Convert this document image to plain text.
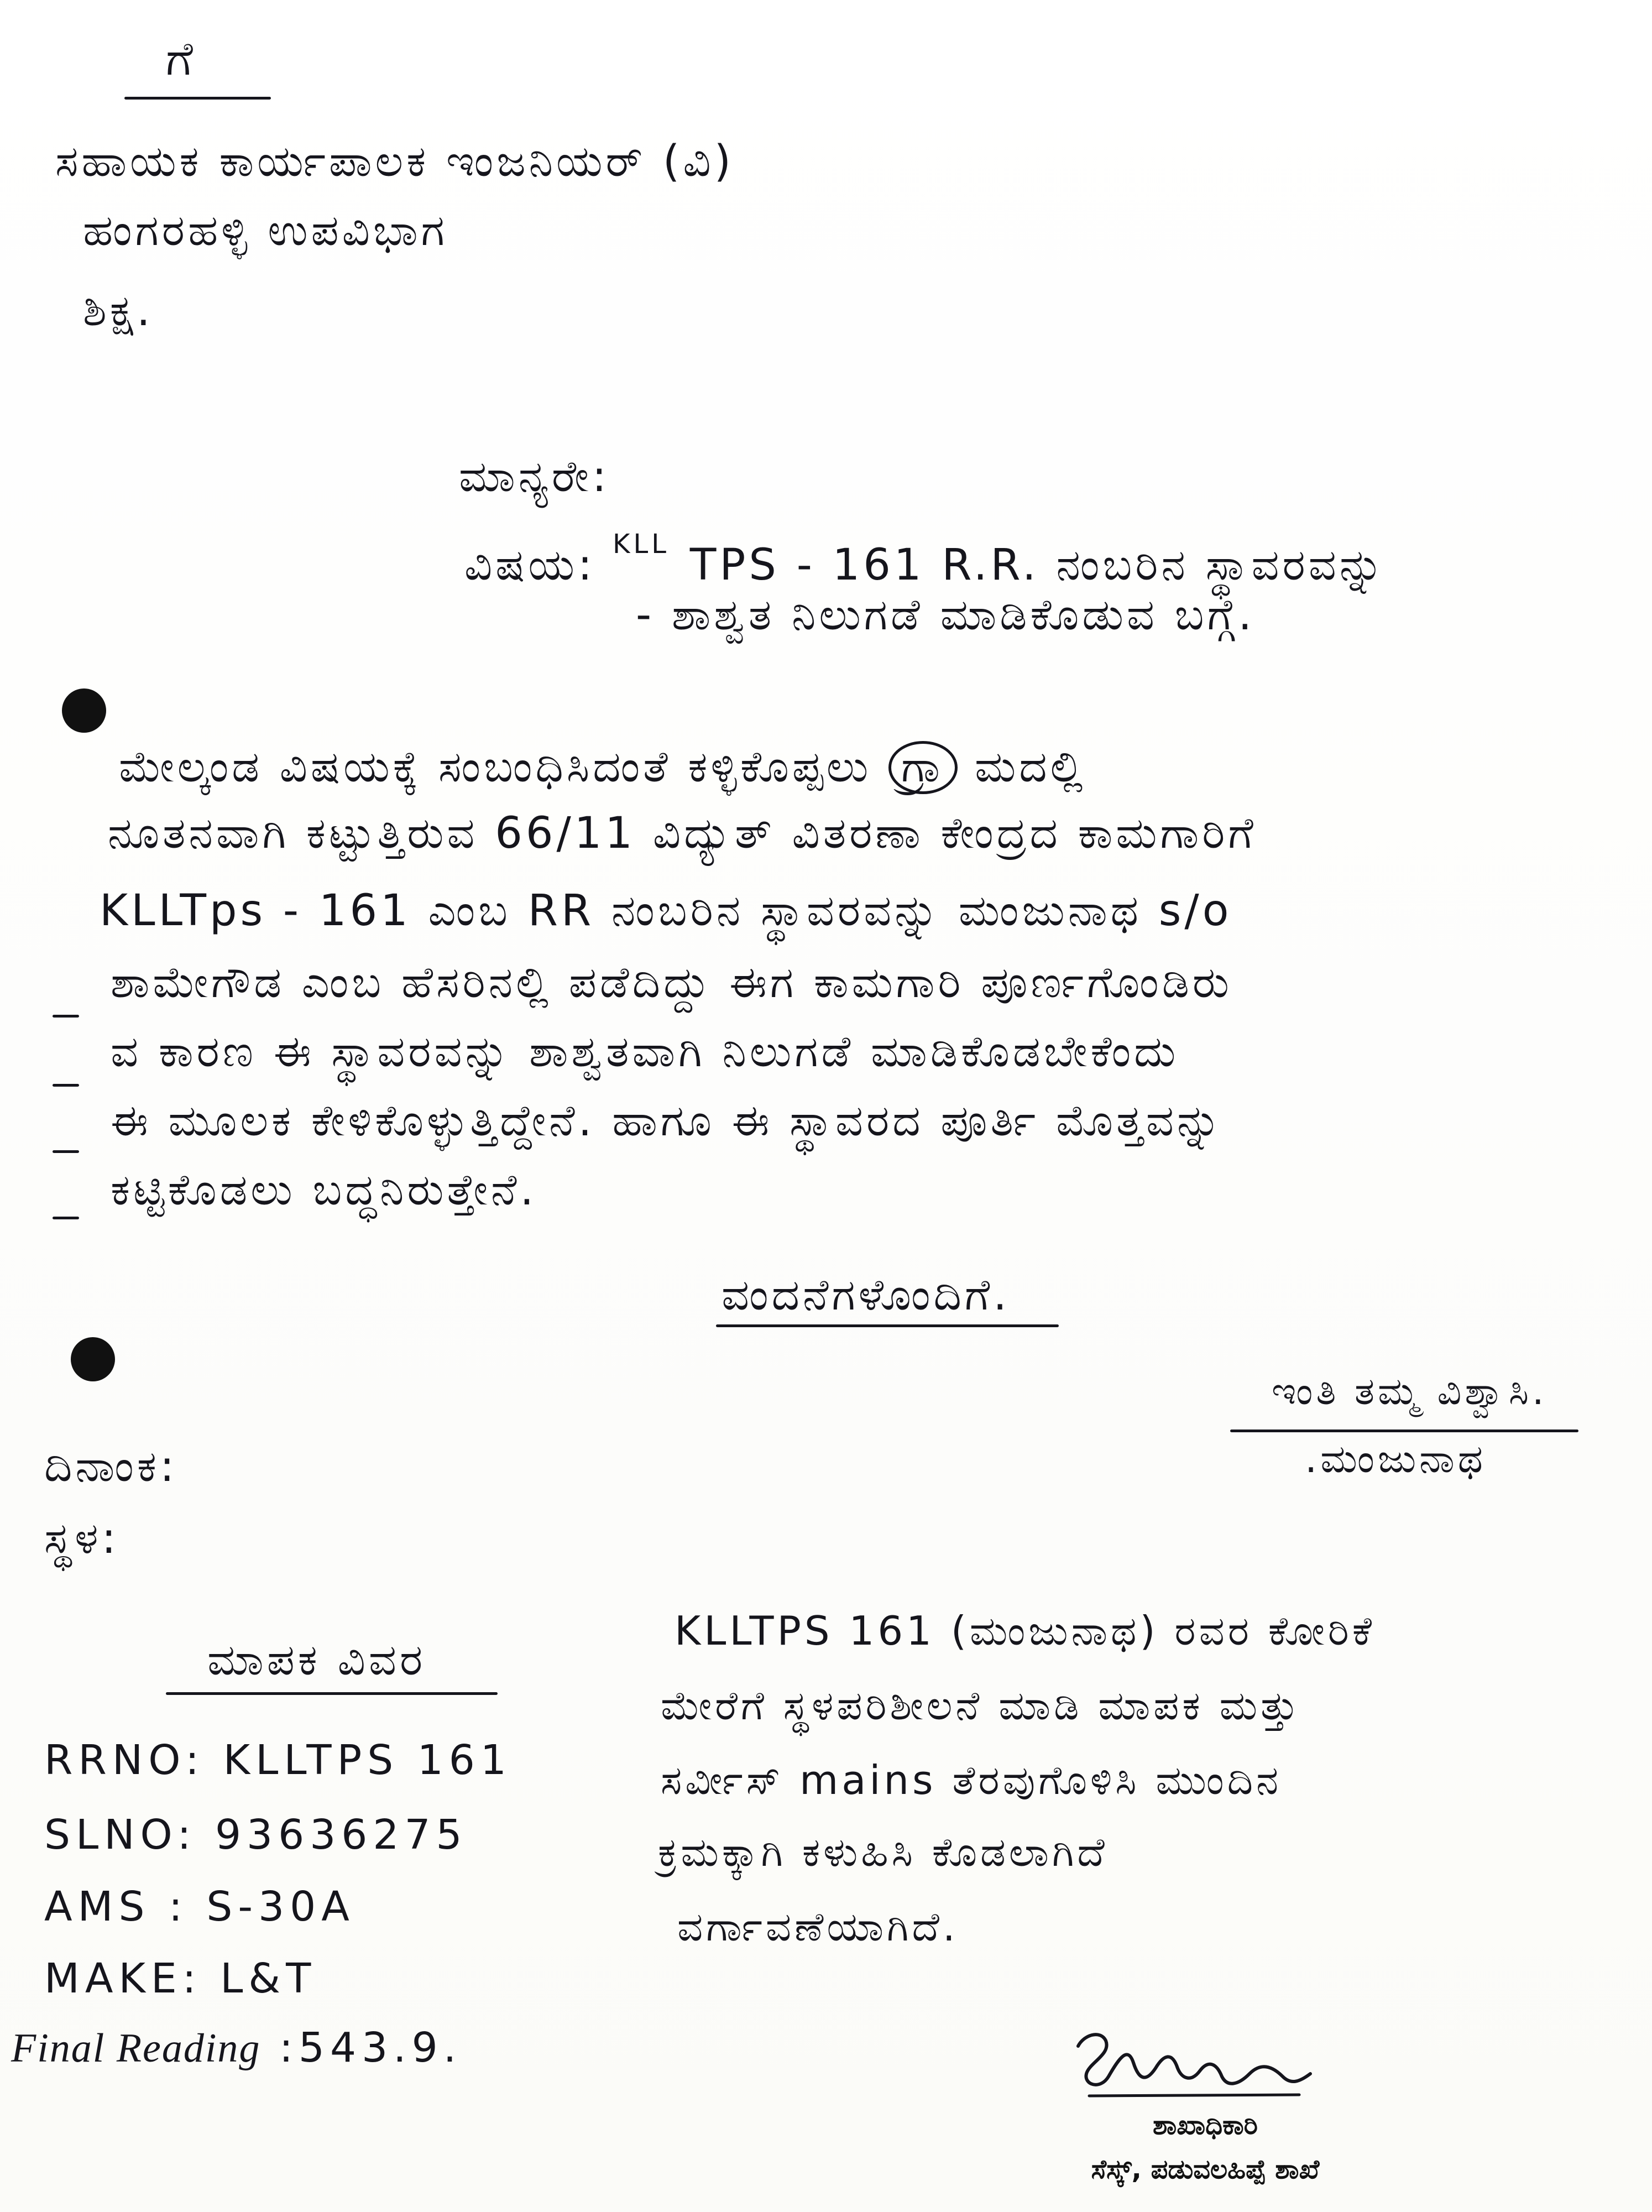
ಗೆ
ಸಹಾಯಕ ಕಾರ್ಯಪಾಲಕ ಇಂಜನಿಯರ್ (ವಿ)
ಹಂಗರಹಳ್ಳಿ ಉಪವಿಭಾಗ
ಶಿಕ್ಷ.
ಮಾನ್ಯರೇ:
ವಿಷಯ: $^{KLL}$ TPS - 161 R.R. ನಂಬರಿನ ಸ್ಥಾವರವನ್ನು
- ಶಾಶ್ವತ ನಿಲುಗಡೆ ಮಾಡಿಕೊಡುವ ಬಗ್ಗೆ.
ಮೇಲ್ಕಂಡ ವಿಷಯಕ್ಕೆ ಸಂಬಂಧಿಸಿದಂತೆ ಕಳ್ಳಿಕೊಪ್ಪಲು ಗ್ರಾ ಮದಲ್ಲಿ
ನೂತನವಾಗಿ ಕಟ್ಟುತ್ತಿರುವ 66/11 ವಿದ್ಯುತ್ ವಿತರಣಾ ಕೇಂದ್ರದ ಕಾಮಗಾರಿಗೆ
KLLTps - 161 ಎಂಬ RR ನಂಬರಿನ ಸ್ಥಾವರವನ್ನು ಮಂಜುನಾಥ s/o
ಶಾಮೇಗೌಡ ಎಂಬ ಹೆಸರಿನಲ್ಲಿ ಪಡೆದಿದ್ದು ಈಗ ಕಾಮಗಾರಿ ಪೂರ್ಣಗೊಂಡಿರು
ವ ಕಾರಣ ಈ ಸ್ಥಾವರವನ್ನು ಶಾಶ್ವತವಾಗಿ ನಿಲುಗಡೆ ಮಾಡಿಕೊಡಬೇಕೆಂದು
ಈ ಮೂಲಕ ಕೇಳಿಕೊಳ್ಳುತ್ತಿದ್ದೇನೆ. ಹಾಗೂ ಈ ಸ್ಥಾವರದ ಪೂರ್ತಿ ಮೊತ್ತವನ್ನು
ಕಟ್ಟಿಕೊಡಲು ಬದ್ಧನಿರುತ್ತೇನೆ.
ವಂದನೆಗಳೊಂದಿಗೆ.
ಇಂತಿ ತಮ್ಮ ವಿಶ್ವಾಸಿ.
.ಮಂಜುನಾಥ
ದಿನಾಂಕ:
ಸ್ಥಳ:
ಮಾಪಕ ವಿವರ
RRNO: KLLTPS 161
SLNO: 93636275
AMS : S-30A
MAKE: L&T
Final Reading :543.9.
KLLTPS 161 (ಮಂಜುನಾಥ) ರವರ ಕೋರಿಕೆ
ಮೇರೆಗೆ ಸ್ಥಳಪರಿಶೀಲನೆ ಮಾಡಿ ಮಾಪಕ ಮತ್ತು
ಸರ್ವೀಸ್ mains ತೆರವುಗೊಳಿಸಿ ಮುಂದಿನ
ಕ್ರಮಕ್ಕಾಗಿ ಕಳುಹಿಸಿ ಕೊಡಲಾಗಿದೆ
ವರ್ಗಾವಣೆಯಾಗಿದೆ.
ಶಾಖಾಧಿಕಾರಿ
ಸೆಸ್ಕ್, ಪಡುವಲಹಿಪ್ಪೆ ಶಾಖೆ
